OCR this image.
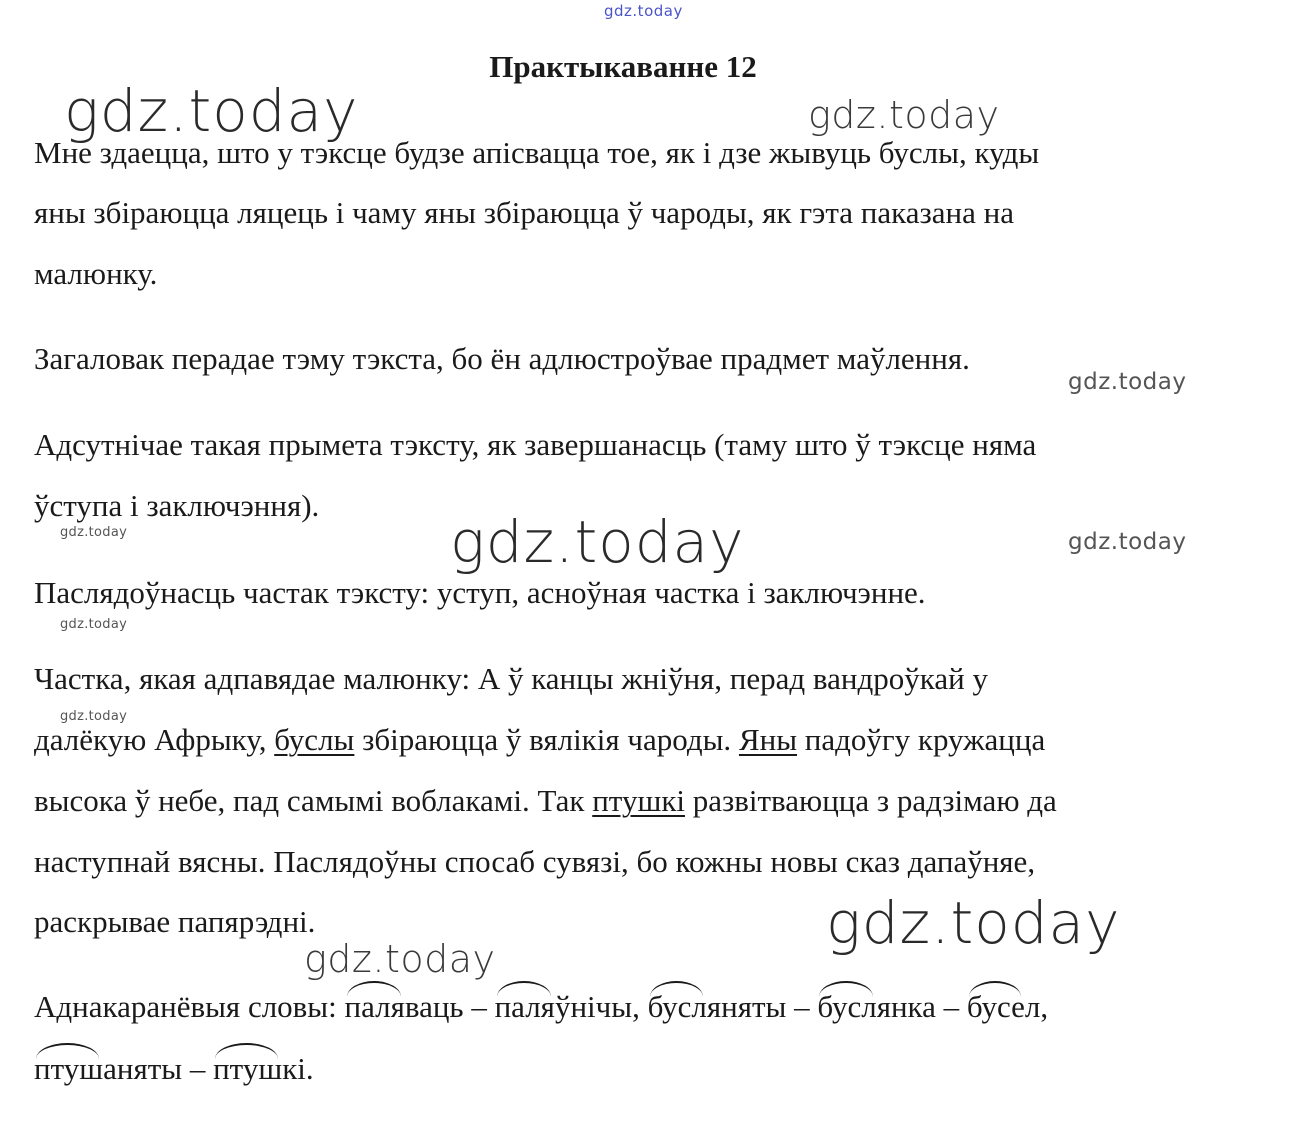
gdz.today
gdz.today	gdz.today
gdz.today
gdz.today	gdz.today	gdz.today
gdz.today
gdz.today
gdz.today
gdz.today
Практыкаванне 12
Мне здаецца, што у тэксце будзе апісвацца тое, як і дзе жывуць буслы, куды
яны збіраюцца ляцець і чаму яны збіраюцца ў чароды, як гэта паказана на
малюнку.
Загаловак перадае тэму тэкста, бо ён адлюстроўвае прадмет маўлення.
Адсутнічае такая прымета тэксту, як завершанасць (таму што ў тэксце няма
ўступа і заключэння).
Паслядоўнасць частак тэксту: уступ, асноўная частка і заключэнне.
Частка, якая адпавядае малюнку: А ў канцы жніўня, перад вандроўкай у
далёкую Афрыку, буслы збіраюцца ў вялікія чароды. Яны падоўгу кружацца
высока ў небе, пад самымі воблакамі. Так птушкі развітваюцца з радзімаю да
наступнай вясны. Паслядоўны спосаб сувязі, бо кожны новы сказ дапаўняе,
раскрывае папярэдні.
Аднакаранёвыя словы: паляваць – паляўнічы, бусляняты – буслянка – бусел,
птушаняты – птушкі.
